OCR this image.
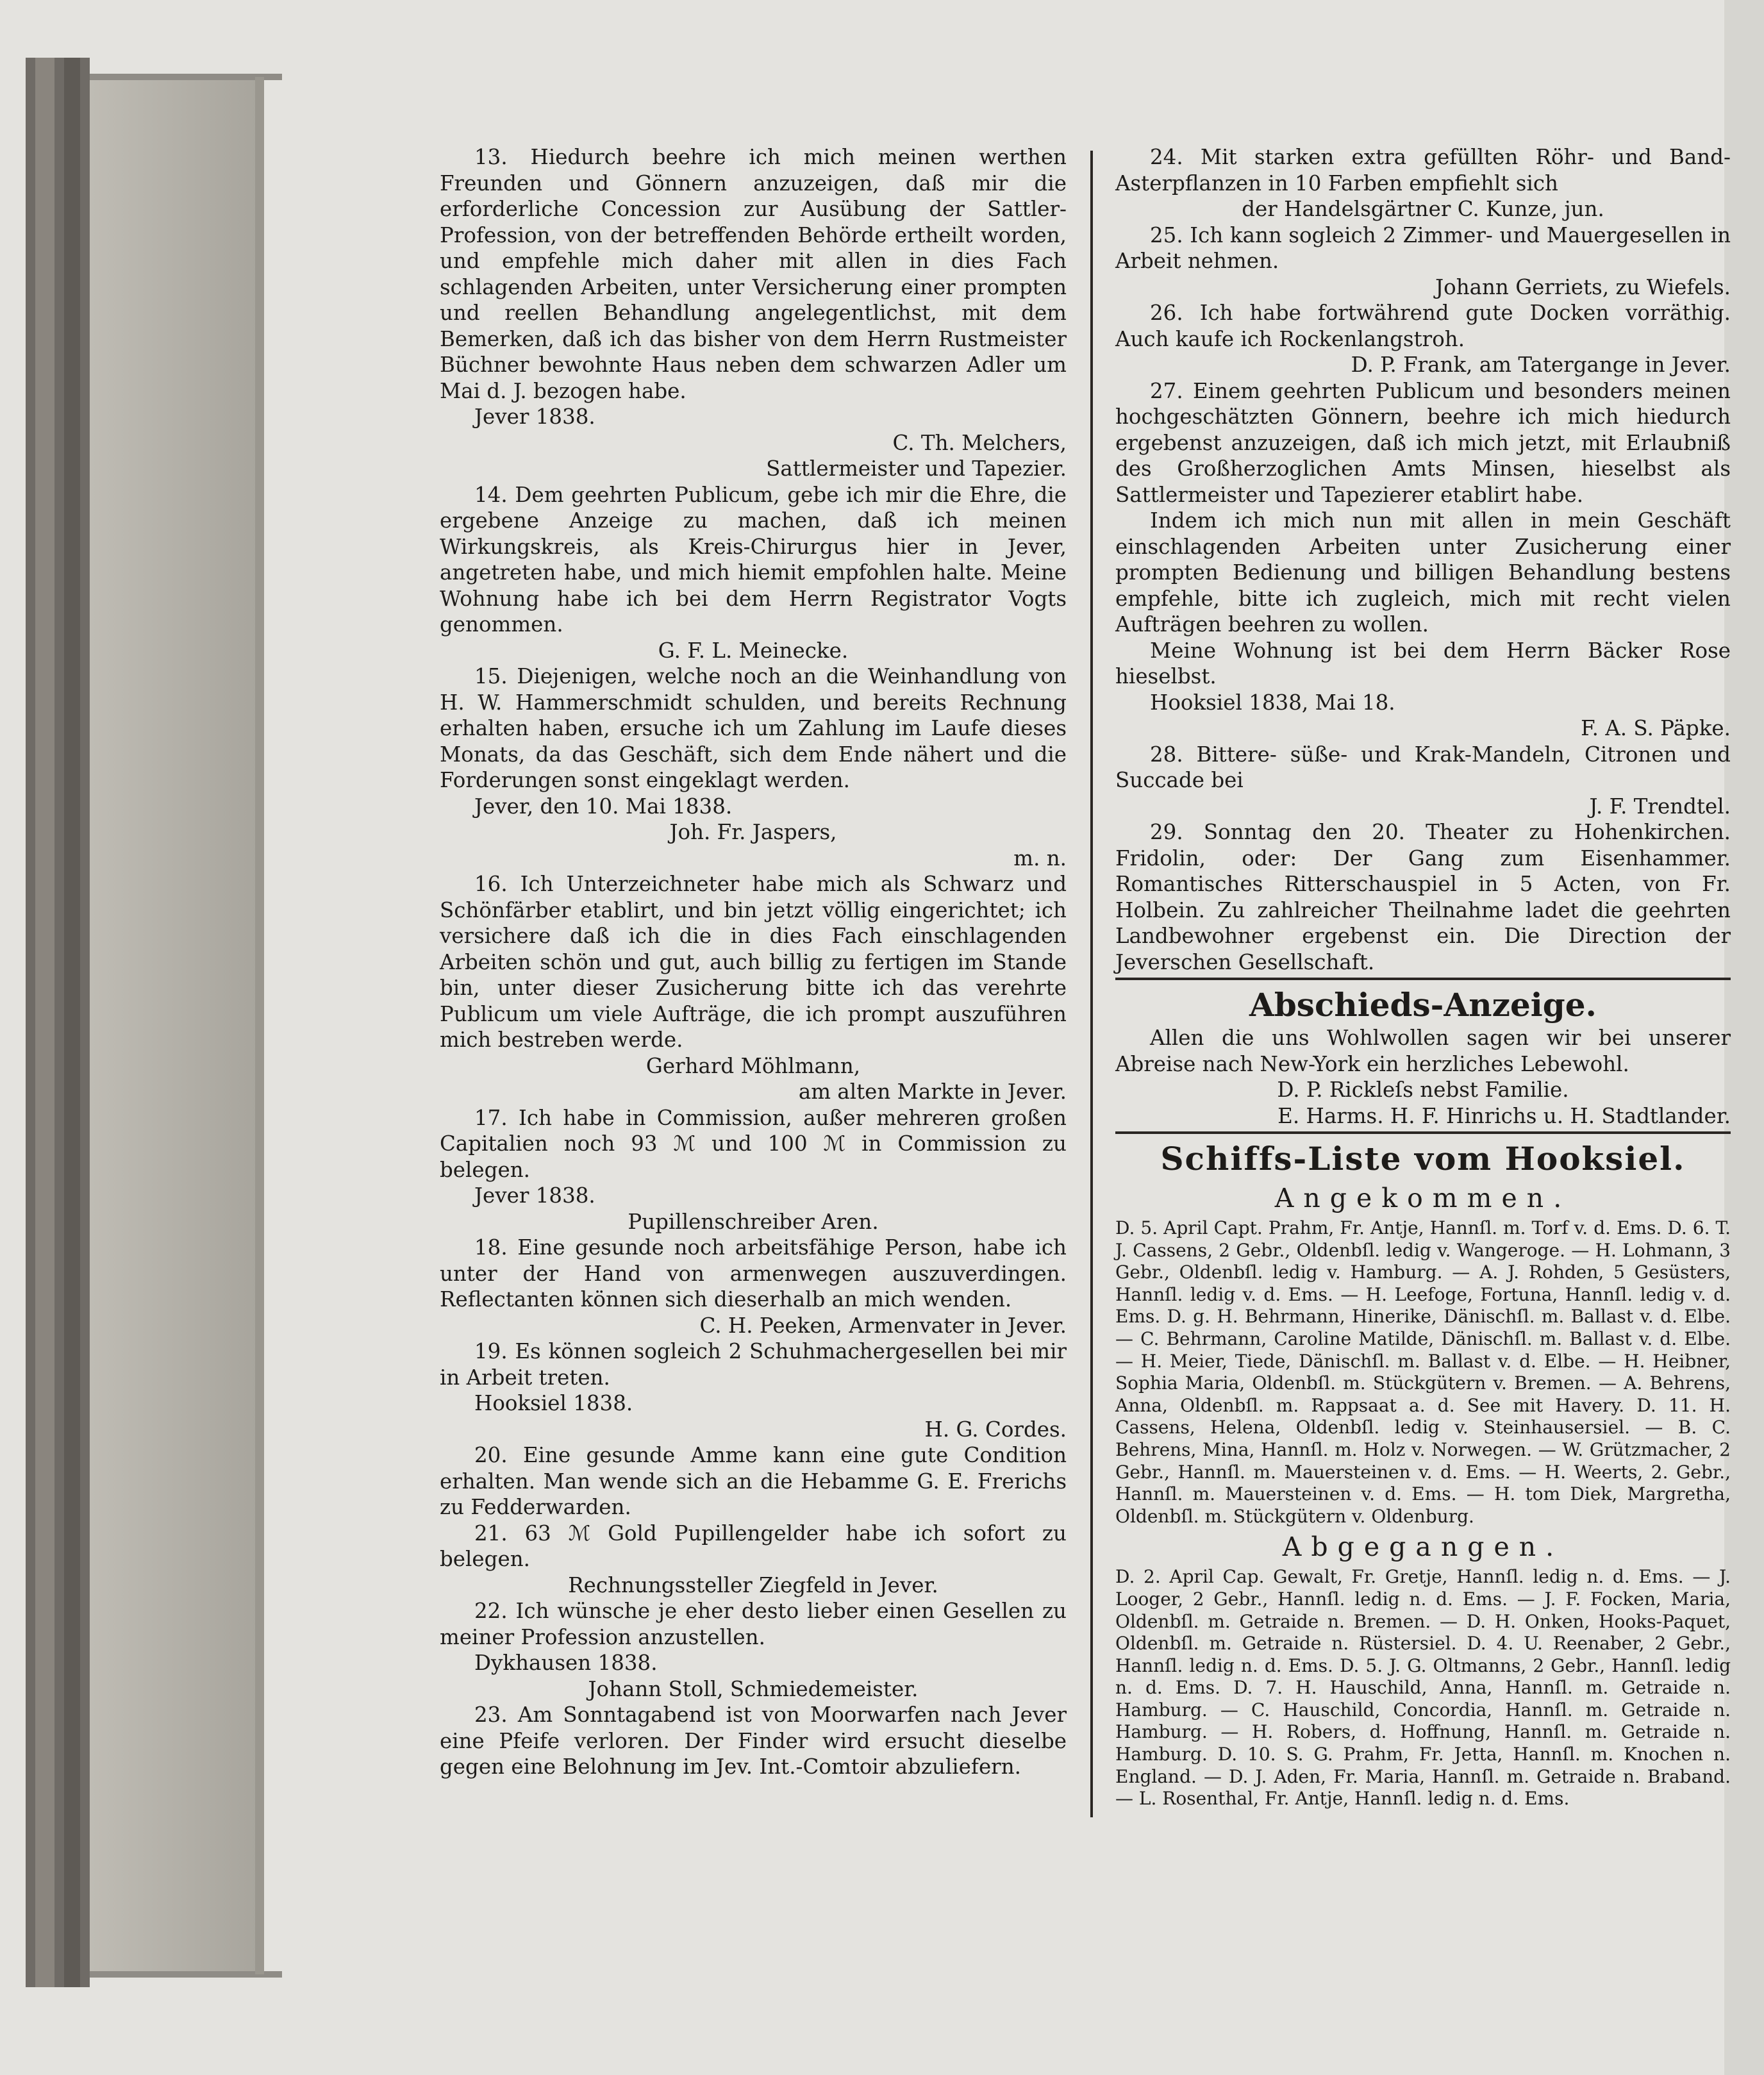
13. Hiedurch beehre ich mich meinen werthen Freunden und Gönnern anzuzeigen, daß mir die erforderliche Concession zur Ausübung der Sattler-Profession, von der betreffenden Behörde ertheilt worden, und empfehle mich daher mit allen in dies Fach schlagenden Arbeiten, unter Versicherung einer prompten und reellen Behandlung angelegentlichst, mit dem Bemerken, daß ich das bisher von dem Herrn Rustmeister Büchner bewohnte Haus neben dem schwarzen Adler um Mai d. J. bezogen habe.

Jever 1838.

C. Th. Melchers,

Sattlermeister und Tapezier.

14. Dem geehrten Publicum, gebe ich mir die Ehre, die ergebene Anzeige zu machen, daß ich meinen Wirkungskreis, als Kreis-Chirurgus hier in Jever, angetreten habe, und mich hiemit empfohlen halte. Meine Wohnung habe ich bei dem Herrn Registrator Vogts genommen.

G. F. L. Meinecke.

15. Diejenigen, welche noch an die Weinhandlung von H. W. Hammerschmidt schulden, und bereits Rechnung erhalten haben, ersuche ich um Zahlung im Laufe dieses Monats, da das Geschäft, sich dem Ende nähert und die Forderungen sonst eingeklagt werden.

Jever, den 10. Mai 1838.

Joh. Fr. Jaspers,

m. n.

16. Ich Unterzeichneter habe mich als Schwarz und Schönfärber etablirt, und bin jetzt völlig eingerichtet; ich versichere daß ich die in dies Fach einschlagenden Arbeiten schön und gut, auch billig zu fertigen im Stande bin, unter dieser Zusicherung bitte ich das verehrte Publicum um viele Aufträge, die ich prompt auszuführen mich bestreben werde.

Gerhard Möhlmann,

am alten Markte in Jever.

17. Ich habe in Commission, außer mehreren großen Capitalien noch 93 ℳ und 100 ℳ in Commission zu belegen.

Jever 1838.

Pupillenschreiber Aren.

18. Eine gesunde noch arbeitsfähige Person, habe ich unter der Hand von armenwegen auszuverdingen. Reflectanten können sich dieserhalb an mich wenden.

C. H. Peeken, Armenvater in Jever.

19. Es können sogleich 2 Schuhmachergesellen bei mir in Arbeit treten.

Hooksiel 1838.

H. G. Cordes.

20. Eine gesunde Amme kann eine gute Condition erhalten. Man wende sich an die Hebamme G. E. Frerichs zu Fedderwarden.

21. 63 ℳ Gold Pupillengelder habe ich sofort zu belegen.

Rechnungssteller Ziegfeld in Jever.

22. Ich wünsche je eher desto lieber einen Gesellen zu meiner Profession anzustellen.

Dykhausen 1838.

Johann Stoll, Schmiedemeister.

23. Am Sonntagabend ist von Moorwarfen nach Jever eine Pfeife verloren. Der Finder wird ersucht dieselbe gegen eine Belohnung im Jev. Int.-Comtoir abzuliefern.

24. Mit starken extra gefüllten Röhr- und Band-Asterpflanzen in 10 Farben empfiehlt sich

der Handelsgärtner C. Kunze, jun.

25. Ich kann sogleich 2 Zimmer- und Mauergesellen in Arbeit nehmen.

Johann Gerriets, zu Wiefels.

26. Ich habe fortwährend gute Docken vorräthig. Auch kaufe ich Rockenlangstroh.

D. P. Frank, am Tatergange in Jever.

27. Einem geehrten Publicum und besonders meinen hochgeschätzten Gönnern, beehre ich mich hiedurch ergebenst anzuzeigen, daß ich mich jetzt, mit Erlaubniß des Großherzoglichen Amts Minsen, hieselbst als Sattlermeister und Tapezierer etablirt habe.

Indem ich mich nun mit allen in mein Geschäft einschlagenden Arbeiten unter Zusicherung einer prompten Bedienung und billigen Behandlung bestens empfehle, bitte ich zugleich, mich mit recht vielen Aufträgen beehren zu wollen.

Meine Wohnung ist bei dem Herrn Bäcker Rose hieselbst.

Hooksiel 1838, Mai 18.

F. A. S. Päpke.

28. Bittere- süße- und Krak-Mandeln, Citronen und Succade bei

J. F. Trendtel.

29. Sonntag den 20. Theater zu Hohenkirchen. Fridolin, oder: Der Gang zum Eisenhammer. Romantisches Ritterschauspiel in 5 Acten, von Fr. Holbein. Zu zahlreicher Theilnahme ladet die geehrten Landbewohner ergebenst ein. Die Direction der Jeverschen Gesellschaft.

Abschieds-Anzeige.

Allen die uns Wohlwollen sagen wir bei unserer Abreise nach New-York ein herzliches Lebewohl.

D. P. Rickleſs nebst Familie.

E. Harms. H. F. Hinrichs u. H. Stadtlander.

Schiffs-Liste vom Hooksiel.

Angekommen.

D. 5. April Capt. Prahm, Fr. Antje, Hannſl. m. Torf v. d. Ems. D. 6. T. J. Cassens, 2 Gebr., Oldenbſl. ledig v. Wangeroge. — H. Lohmann, 3 Gebr., Oldenbſl. ledig v. Hamburg. — A. J. Rohden, 5 Gesüsters, Hannſl. ledig v. d. Ems. — H. Leefoge, Fortuna, Hannſl. ledig v. d. Ems. D. g. H. Behrmann, Hinerike, Dänischſl. m. Ballast v. d. Elbe. — C. Behrmann, Caroline Matilde, Dänischſl. m. Ballast v. d. Elbe. — H. Meier, Tiede, Dänischſl. m. Ballast v. d. Elbe. — H. Heibner, Sophia Maria, Oldenbſl. m. Stückgütern v. Bremen. — A. Behrens, Anna, Oldenbſl. m. Rappsaat a. d. See mit Havery. D. 11. H. Cassens, Helena, Oldenbſl. ledig v. Steinhausersiel. — B. C. Behrens, Mina, Hannſl. m. Holz v. Norwegen. — W. Grützmacher, 2 Gebr., Hannſl. m. Mauersteinen v. d. Ems. — H. Weerts, 2. Gebr., Hannſl. m. Mauersteinen v. d. Ems. — H. tom Diek, Margretha, Oldenbſl. m. Stückgütern v. Oldenburg.

Abgegangen.

D. 2. April Cap. Gewalt, Fr. Gretje, Hannſl. ledig n. d. Ems. — J. Looger, 2 Gebr., Hannſl. ledig n. d. Ems. — J. F. Focken, Maria, Oldenbſl. m. Getraide n. Bremen. — D. H. Onken, Hooks-Paquet, Oldenbſl. m. Getraide n. Rüstersiel. D. 4. U. Reenaber, 2 Gebr., Hannſl. ledig n. d. Ems. D. 5. J. G. Oltmanns, 2 Gebr., Hannſl. ledig n. d. Ems. D. 7. H. Hauschild, Anna, Hannſl. m. Getraide n. Hamburg. — C. Hauschild, Concordia, Hannſl. m. Getraide n. Hamburg. — H. Robers, d. Hoffnung, Hannſl. m. Getraide n. Hamburg. D. 10. S. G. Prahm, Fr. Jetta, Hannſl. m. Knochen n. England. — D. J. Aden, Fr. Maria, Hannſl. m. Getraide n. Braband. — L. Rosenthal, Fr. Antje, Hannſl. ledig n. d. Ems.
